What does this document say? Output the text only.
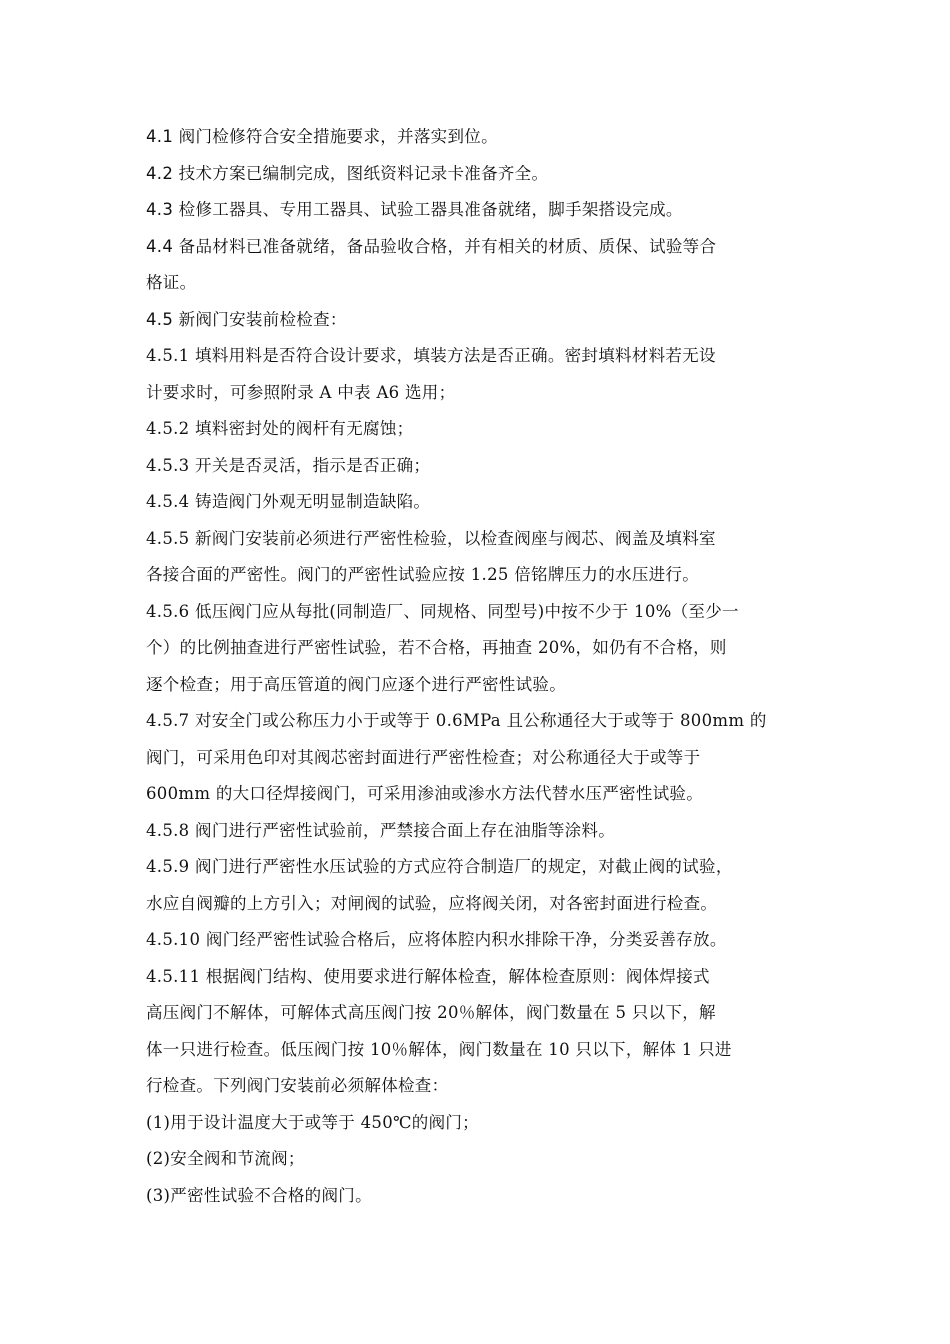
4.1 阀门检修符合安全措施要求，并落实到位。

4.2 技术方案已编制完成，图纸资料记录卡准备齐全。

4.3 检修工器具、专用工器具、试验工器具准备就绪，脚手架搭设完成。

4.4 备品材料已准备就绪，备品验收合格，并有相关的材质、质保、试验等合
格证。

4.5 新阀门安装前检检查：

4.5.1 填料用料是否符合设计要求，填装方法是否正确。密封填料材料若无设
计要求时，可参照附录 A 中表 A6 选用；

4.5.2 填料密封处的阀杆有无腐蚀；

4.5.3 开关是否灵活，指示是否正确；

4.5.4 铸造阀门外观无明显制造缺陷。

4.5.5 新阀门安装前必须进行严密性检验，以检查阀座与阀芯、阀盖及填料室
各接合面的严密性。阀门的严密性试验应按 1.25 倍铭牌压力的水压进行。

4.5.6 低压阀门应从每批(同制造厂、同规格、同型号)中按不少于 10%（至少一
个）的比例抽查进行严密性试验，若不合格，再抽查 20%，如仍有不合格，则
逐个检查；用于高压管道的阀门应逐个进行严密性试验。

4.5.7 对安全门或公称压力小于或等于 0.6MPa 且公称通径大于或等于 800mm 的
阀门，可采用色印对其阀芯密封面进行严密性检查；对公称通径大于或等于
600mm 的大口径焊接阀门，可采用渗油或渗水方法代替水压严密性试验。

4.5.8 阀门进行严密性试验前，严禁接合面上存在油脂等涂料。

4.5.9 阀门进行严密性水压试验的方式应符合制造厂的规定，对截止阀的试验，
水应自阀瓣的上方引入；对闸阀的试验，应将阀关闭，对各密封面进行检查。

4.5.10 阀门经严密性试验合格后，应将体腔内积水排除干净，分类妥善存放。

4.5.11 根据阀门结构、使用要求进行解体检查，解体检查原则：阀体焊接式
高压阀门不解体，可解体式高压阀门按 20％解体，阀门数量在 5 只以下，解
体一只进行检查。低压阀门按 10％解体，阀门数量在 10 只以下，解体 1 只进
行检查。下列阀门安装前必须解体检查：

(1)用于设计温度大于或等于 450℃的阀门；

(2)安全阀和节流阀；

(3)严密性试验不合格的阀门。
